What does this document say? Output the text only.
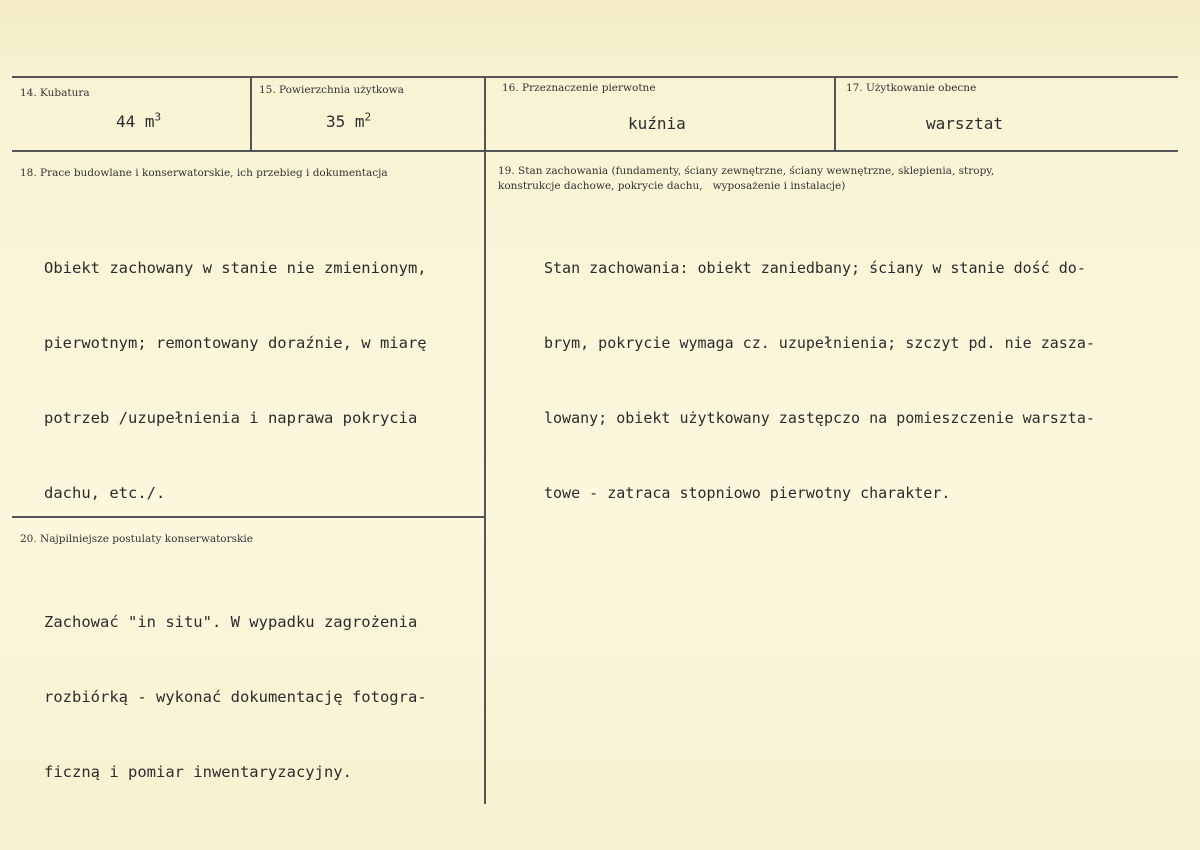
14. Kubatura
44 $m^3$
15. Powierzchnia użytkowa
35 $m^2$
16. Przeznaczenie pierwotne
kuźnia
17. Użytkowanie obecne
warsztat
18. Prace budowlane i konserwatorskie, ich przebieg i dokumentacja

Obiekt zachowany w stanie nie zmienionym,

pierwotnym; remontowany doraźnie, w miarę

potrzeb /uzupełnienia i naprawa pokrycia

dachu, etc./.

19. Stan zachowania (fundamenty, ściany zewnętrzne, ściany wewnętrzne, sklepienia, stropy,
konstrukcje dachowe, pokrycie dachu,   wyposażenie i instalacje)

Stan zachowania: obiekt zaniedbany; ściany w stanie dość do-

brym, pokrycie wymaga cz. uzupełnienia; szczyt pd. nie zasza-

lowany; obiekt użytkowany zastępczo na pomieszczenie warszta-

towe - zatraca stopniowo pierwotny charakter.

20. Najpilniejsze postulaty konserwatorskie

Zachować "in situ". W wypadku zagrożenia

rozbiórką - wykonać dokumentację fotogra-

ficzną i pomiar inwentaryzacyjny.
